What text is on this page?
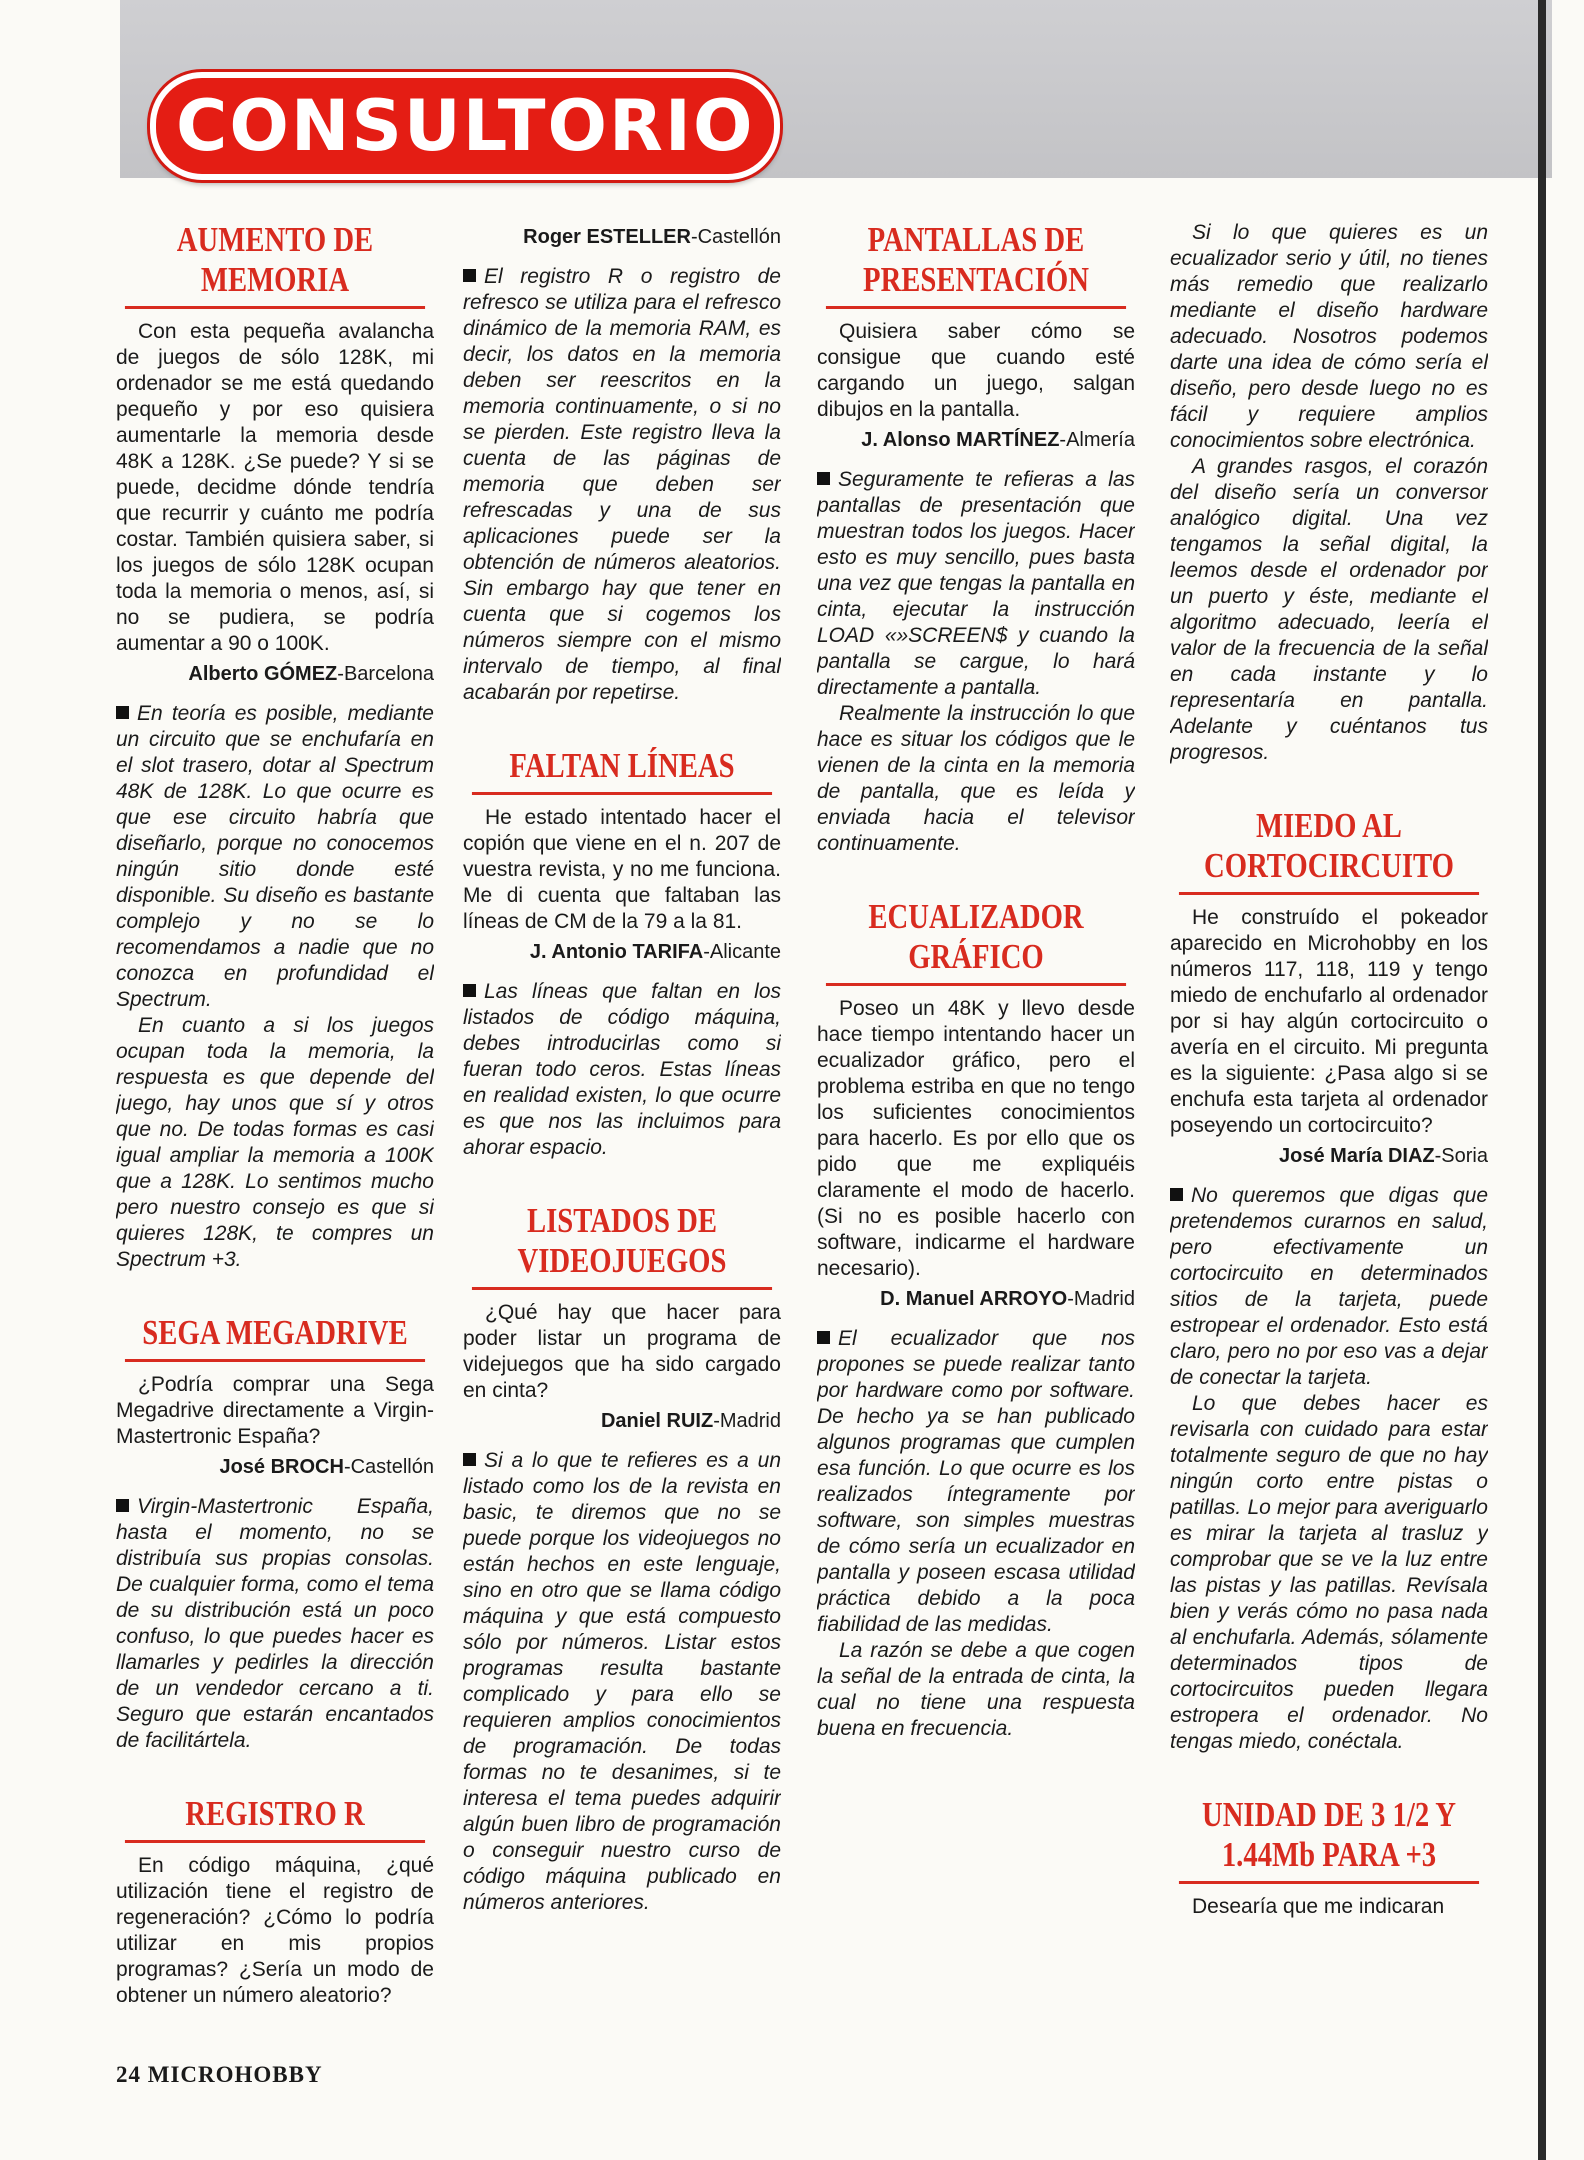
CONSULTORIO
AUMENTO DE MEMORIA

Con esta pequeña avalancha de juegos de sólo 128K, mi ordenador se me está quedando pequeño y por eso quisiera aumentarle la memoria desde 48K a 128K. ¿Se puede? Y si se puede, decidme dónde tendría que recurrir y cuánto me podría costar. También quisiera saber, si los juegos de sólo 128K ocupan toda la memoria o menos, así, si no se pudiera, se podría aumentar a 90 o 100K.

Alberto GÓMEZ-Barcelona

En teoría es posible, mediante un circuito que se enchufaría en el slot trasero, dotar al Spectrum 48K de 128K. Lo que ocurre es que ese circuito habría que diseñarlo, porque no conocemos ningún sitio donde esté disponible. Su diseño es bastante complejo y no se lo recomendamos a nadie que no conozca en profundidad el Spectrum.

En cuanto a si los juegos ocupan toda la memoria, la respuesta es que depende del juego, hay unos que sí y otros que no. De todas formas es casi igual ampliar la memoria a 100K que a 128K. Lo sentimos mucho pero nuestro consejo es que si quieres 128K, te compres un Spectrum +3.

SEGA MEGADRIVE

¿Podría comprar una Sega Megadrive directamente a Virgin-Mastertronic España?

José BROCH-Castellón

Virgin-Mastertronic España, hasta el momento, no se distribuía sus propias consolas. De cualquier forma, como el tema de su distribución está un poco confuso, lo que puedes hacer es llamarles y pedirles la dirección de un vendedor cercano a ti. Seguro que estarán encantados de facilitártela.

REGISTRO R

En código máquina, ¿qué utilización tiene el registro de regeneración? ¿Cómo lo podría utilizar en mis propios programas? ¿Sería un modo de obtener un número aleatorio?

Roger ESTELLER-Castellón

El registro R o registro de refresco se utiliza para el refresco dinámico de la memoria RAM, es decir, los datos en la memoria deben ser reescritos en la memoria continuamente, o si no se pierden. Este registro lleva la cuenta de las páginas de memoria que deben ser refrescadas y una de sus aplicaciones puede ser la obtención de números aleatorios. Sin embargo hay que tener en cuenta que si cogemos los números siempre con el mismo intervalo de tiempo, al final acabarán por repetirse.

FALTAN LÍNEAS

He estado intentado hacer el copión que viene en el n. 207 de vuestra revista, y no me funciona. Me di cuenta que faltaban las líneas de CM de la 79 a la 81.

J. Antonio TARIFA-Alicante

Las líneas que faltan en los listados de código máquina, debes introducirlas como si fueran todo ceros. Estas líneas en realidad existen, lo que ocurre es que nos las incluimos para ahorar espacio.

LISTADOS DE VIDEOJUEGOS

¿Qué hay que hacer para poder listar un programa de videjuegos que ha sido cargado en cinta?

Daniel RUIZ-Madrid

Si a lo que te refieres es a un listado como los de la revista en basic, te diremos que no se puede porque los videojuegos no están hechos en este lenguaje, sino en otro que se llama código máquina y que está compuesto sólo por números. Listar estos programas resulta bastante complicado y para ello se requieren amplios conocimientos de programación. De todas formas no te desanimes, si te interesa el tema puedes adquirir algún buen libro de programación o conseguir nuestro curso de código máquina publicado en números anteriores.

PANTALLAS DE PRESENTACIÓN

Quisiera saber cómo se consigue que cuando esté cargando un juego, salgan dibujos en la pantalla.

J. Alonso MARTÍNEZ-Almería

Seguramente te refieras a las pantallas de presentación que muestran todos los juegos. Hacer esto es muy sencillo, pues basta una vez que tengas la pantalla en cinta, ejecutar la instrucción LOAD «»SCREEN$ y cuando la pantalla se cargue, lo hará directamente a pantalla.

Realmente la instrucción lo que hace es situar los códigos que le vienen de la cinta en la memoria de pantalla, que es leída y enviada hacia el televisor continuamente.

ECUALIZADOR GRÁFICO

Poseo un 48K y llevo desde hace tiempo intentando hacer un ecualizador gráfico, pero el problema estriba en que no tengo los suficientes conocimientos para hacerlo. Es por ello que os pido que me expliquéis claramente el modo de hacerlo. (Si no es posible hacerlo con software, indicarme el hardware necesario).

D. Manuel ARROYO-Madrid

El ecualizador que nos propones se puede realizar tanto por hardware como por software. De hecho ya se han publicado algunos programas que cumplen esa función. Lo que ocurre es los realizados íntegramente por software, son simples muestras de cómo sería un ecualizador en pantalla y poseen escasa utilidad práctica debido a la poca fiabilidad de las medidas.

La razón se debe a que cogen la señal de la entrada de cinta, la cual no tiene una respuesta buena en frecuencia.

Si lo que quieres es un ecualizador serio y útil, no tienes más remedio que realizarlo mediante el diseño hardware adecuado. Nosotros podemos darte una idea de cómo sería el diseño, pero desde luego no es fácil y requiere amplios conocimientos sobre electrónica.

A grandes rasgos, el corazón del diseño sería un conversor analógico digital. Una vez tengamos la señal digital, la leemos desde el ordenador por un puerto y éste, mediante el algoritmo adecuado, leería el valor de la frecuencia de la señal en cada instante y lo representaría en pantalla. Adelante y cuéntanos tus progresos.

MIEDO AL CORTOCIRCUITO

He construído el pokeador aparecido en Microhobby en los números 117, 118, 119 y tengo miedo de enchufarlo al ordenador por si hay algún cortocircuito o avería en el circuito. Mi pregunta es la siguiente: ¿Pasa algo si se enchufa esta tarjeta al ordenador poseyendo un cortocircuito?

José María DIAZ-Soria

No queremos que digas que pretendemos curarnos en salud, pero efectivamente un cortocircuito en determinados sitios de la tarjeta, puede estropear el ordenador. Esto está claro, pero no por eso vas a dejar de conectar la tarjeta.

Lo que debes hacer es revisarla con cuidado para estar totalmente seguro de que no hay ningún corto entre pistas o patillas. Lo mejor para averiguarlo es mirar la tarjeta al trasluz y comprobar que se ve la luz entre las pistas y las patillas. Revísala bien y verás cómo no pasa nada al enchufarla. Además, sólamente determinados tipos de cortocircuitos pueden llegara estropera el ordenador. No tengas miedo, conéctala.

UNIDAD DE 3 1/2 Y 1.44Mb PARA +3

Desearía que me indicaran

24 MICROHOBBY
